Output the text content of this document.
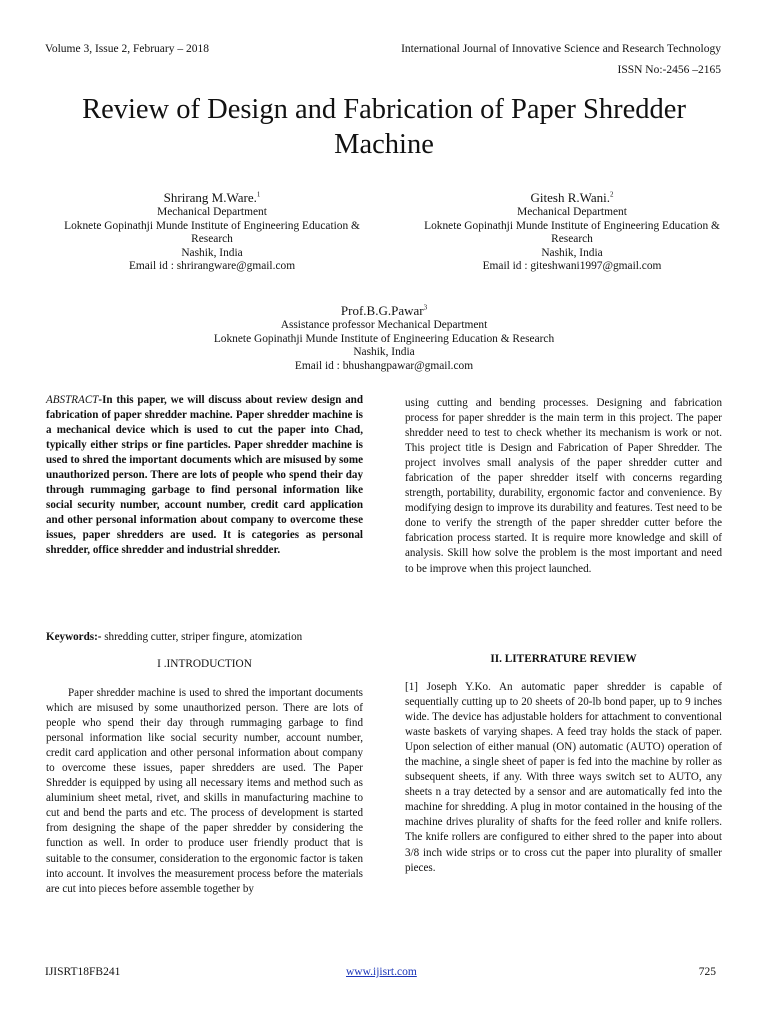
Volume 3, Issue 2, February – 2018	International Journal of Innovative Science and Research Technology
ISSN No:-2456 –2165
Review of Design and Fabrication of Paper Shredder Machine
Shrirang M.Ware.$^1$
Mechanical Department
Loknete Gopinathji Munde Institute of Engineering Education &
Research
Nashik, India
Email id : shrirangware@gmail.com
Gitesh R.Wani.$^2$
Mechanical Department
Loknete Gopinathji Munde Institute of Engineering Education &
Research
Nashik, India
Email id : giteshwani1997@gmail.com
Prof.B.G.Pawar$^3$
Assistance professor Mechanical Department
Loknete Gopinathji Munde Institute of Engineering Education & Research
Nashik, India
Email id : bhushangpawar@gmail.com
ABSTRACT-In this paper, we will discuss about review design and fabrication of paper shredder machine. Paper shredder machine is a mechanical device which is used to cut the paper into Chad, typically either strips or fine particles. Paper shredder machine is used to shred the important documents which are misused by some unauthorized person. There are lots of people who spend their day through rummaging garbage to find personal information like social security number, account number, credit card application and other personal information about company to overcome these issues, paper shredders are used. It is categories as personal shredder, office shredder and industrial shredder.
Keywords:- shredding cutter, striper fingure, atomization
I .INTRODUCTION
Paper shredder machine is used to shred the important documents which are misused by some unauthorized person. There are lots of people who spend their day through rummaging garbage to find personal information like social security number, account number, credit card application and other personal information about company to overcome these issues, paper shredders are used. The Paper Shredder is equipped by using all necessary items and method such as aluminium sheet metal, rivet, and skills in manufacturing machine to cut and bend the parts and etc. The process of development is started from designing the shape of the paper shredder by considering the function as well. In order to produce user friendly product that is suitable to the consumer, consideration to the ergonomic factor is taken into account. It involves the measurement process before the materials are cut into pieces before assemble together by
using cutting and bending processes. Designing and fabrication process for paper shredder is the main term in this project. The paper shredder need to test to check whether its mechanism is work or not. This project title is Design and Fabrication of Paper Shredder. The project involves small analysis of the paper shredder cutter and fabrication of the paper shredder itself with concerns regarding strength, portability, durability, ergonomic factor and convenience. By modifying design to improve its durability and features. Test need to be done to verify the strength of the paper shredder cutter before the fabrication process started. It is require more knowledge and skill of analysis. Skill how solve the problem is the most important and need to be improve when this project launched.
II. LITERRATURE REVIEW
[1] Joseph Y.Ko. An automatic paper shredder is capable of sequentially cutting up to 20 sheets of 20-lb bond paper, up to 9 inches wide. The device has adjustable holders for attachment to conventional waste baskets of varying shapes. A feed tray holds the stack of paper. Upon selection of either manual (ON) automatic (AUTO) operation of the machine, a single sheet of paper is fed into the machine by roller as subsequent sheets, if any. With three ways switch set to AUTO, any sheets n a tray detected by a sensor and are automatically fed into the machine for shredding. A plug in motor contained in the housing of the machine drives plurality of shafts for the feed roller and knife rollers. The knife rollers are configured to either shred to the paper into about 3/8 inch wide strips or to cross cut the paper into plurality of smaller pieces.
IJISRT18FB241	www.ijisrt.com	725
